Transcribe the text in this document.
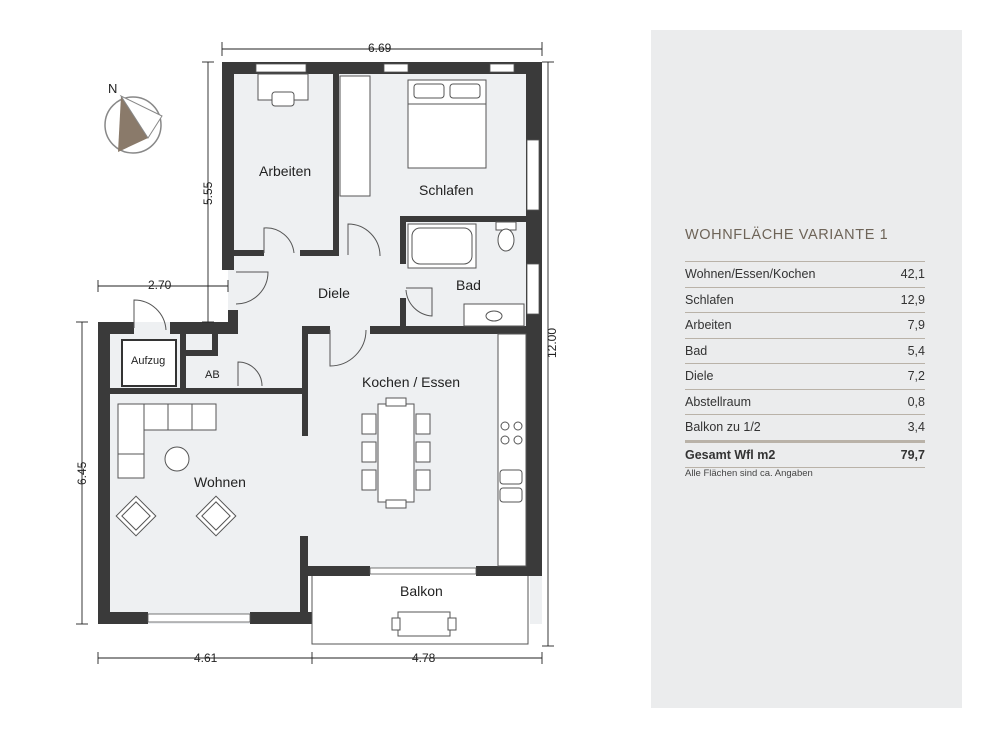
N
Aufzug
Arbeiten
Schlafen
Diele	Bad
AB	Kochen / Essen
Wohnen
Balkon
6.69
5.55
2.70
12.00
6.45
4.61	4.78
WOHNFLÄCHE VARIANTE 1
Wohnen/Essen/Kochen	42,1
Schlafen	12,9
Arbeiten	7,9
Bad	5,4
Diele	7,2
Abstellraum	0,8
Balkon zu 1/2	3,4
Gesamt Wfl m2	79,7
Alle Flächen sind ca. Angaben
